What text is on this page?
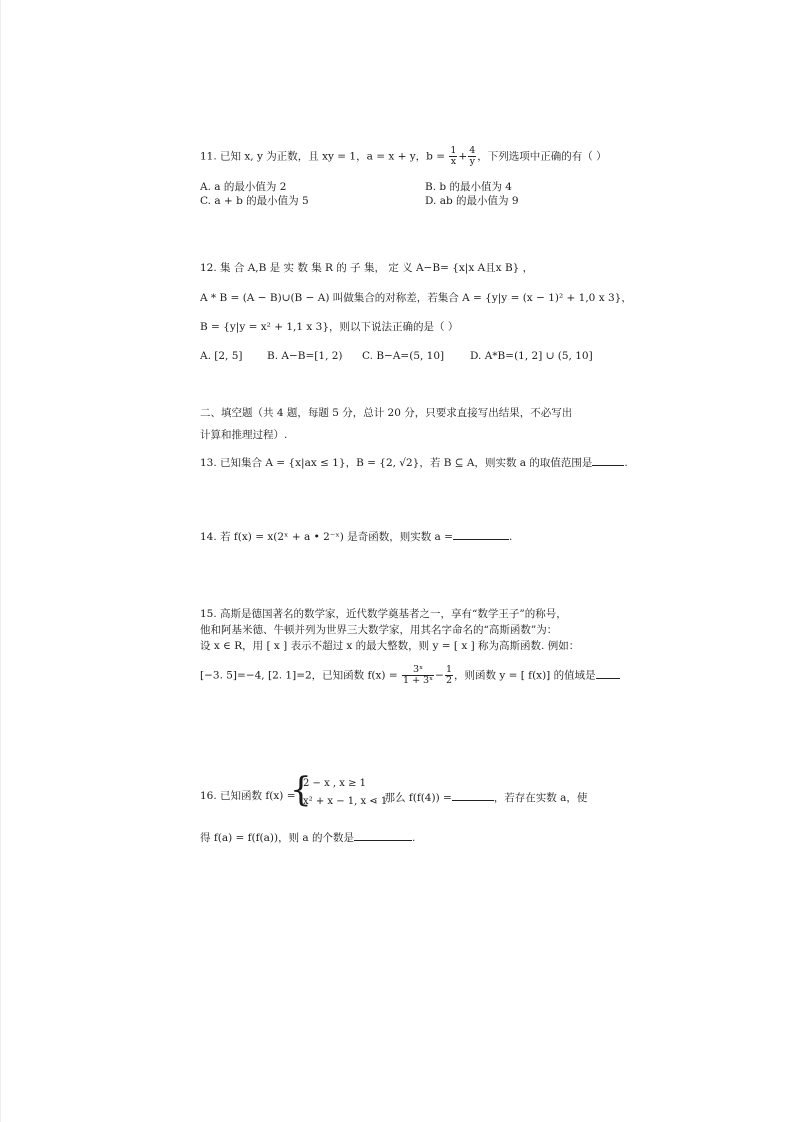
11. 已知 x, y 为正数，且 xy = 1，a = x + y，$b = \frac{1}{x} + \frac{4}{y}$ ，下列选项中正确的有（ ）
A. a 的最小值为 2	B. b 的最小值为 4
C. a + b 的最小值为 5	D. ab 的最小值为 9
12. 集 合 A,B 是 实 数 集 R 的 子 集， 定 义 A−B= {x|x A且x B} ，
A * B = (A − B)∪(B − A) 叫做集合的对称差，若集合 A = {y|y = (x − 1)² + 1,0 x 3}，
B = {y|y = x² + 1,1 x 3}，则以下说法正确的是（ ）
A. [2, 5] B. A−B=[1, 2) C. B−A=(5, 10] D. A*B=(1, 2] ∪ (5, 10]
二、填空题（共 4 题，每题 5 分，总计 20 分，只要求直接写出结果，不必写出
计算和推理过程）.
13. 已知集合 A = {x|ax ≤ 1}，B = {2, √2}，若 B ⊆ A，则实数 a 的取值范围是	.
14. 若 f(x) = x(2ˣ + a • 2⁻ˣ) 是奇函数，则实数 a =	.
15. 高斯是德国著名的数学家，近代数学奠基者之一，享有“数学王子”的称号，
他和阿基米德、牛顿并列为世界三大数学家，用其名字命名的“高斯函数”为：
设 x ∈ R，用 [ x ] 表示不超过 x 的最大整数，则 y = [ x ] 称为高斯函数. 例如：
[−3. 5]=−4, [2. 1]=2，已知函数 $f(x) = \frac{\text{3ˣ}}{\text{1 + 3ˣ}} - \frac{1}{2}$ ，则函数 y = [ f(x)] 的值域是
16. 已知函数 f(x) =
{
2 − x , x ≥ 1
x² + x − 1, x < 1
，那么 f(f(4)) =	，若存在实数 a，使
得 f(a) = f(f(a))，则 a 的个数是	.
